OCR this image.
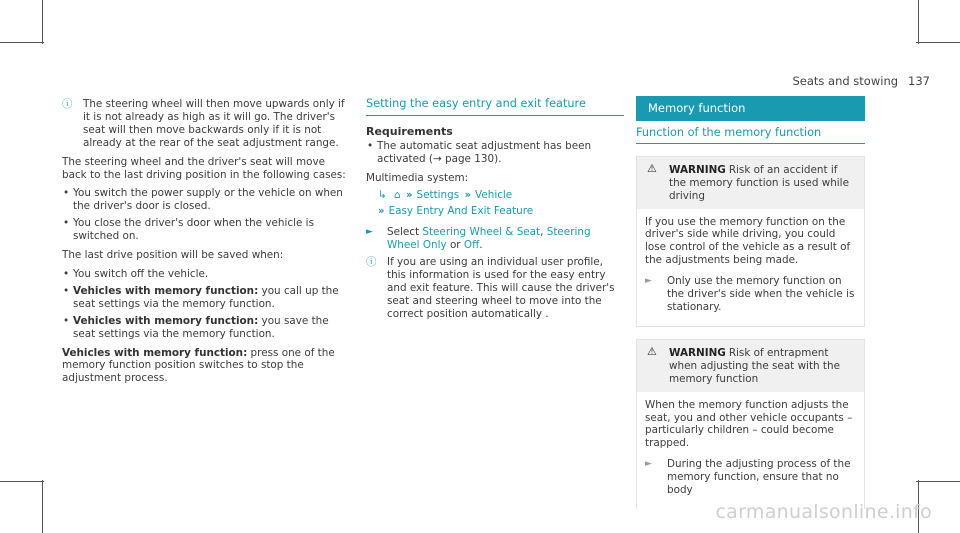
Seats and stowing 137
ⓘ The steering wheel will then move upwards only if it is not already as high as it will go. The driver's seat will then move backwards only if it is not already at the rear of the seat adjustment range.
The steering wheel and the driver's seat will move back to the last driving position in the following cases:
• You switch the power supply or the vehicle on when the driver's door is closed.
• You close the driver's door when the vehicle is switched on.
The last drive position will be saved when:
• You switch off the vehicle.
• Vehicles with memory function: you call up the seat settings via the memory function.
• Vehicles with memory function: you save the seat settings via the memory function.
Vehicles with memory function: press one of the memory function position switches to stop the adjustment process.
Setting the easy entry and exit feature
Requirements
• The automatic seat adjustment has been activated (→ page 130).
Multimedia system:
↳ ⌂ ›› Settings ›› Vehicle
›› Easy Entry And Exit Feature
► Select Steering Wheel & Seat, Steering Wheel Only or Off.
ⓘ If you are using an individual user profile, this information is used for the easy entry and exit feature. This will cause the driver's seat and steering wheel to move into the correct position automatically .
Memory function
Function of the memory function
⚠ WARNING Risk of an accident if the memory function is used while driving
If you use the memory function on the driver's side while driving, you could lose control of the vehicle as a result of the adjustments being made.
► Only use the memory function on the driver's side when the vehicle is stationary.
⚠ WARNING Risk of entrapment when adjusting the seat with the memory function
When the memory function adjusts the seat, you and other vehicle occupants – particularly children – could become trapped.
► During the adjusting process of the memory function, ensure that no body
carmanualsonline.info
